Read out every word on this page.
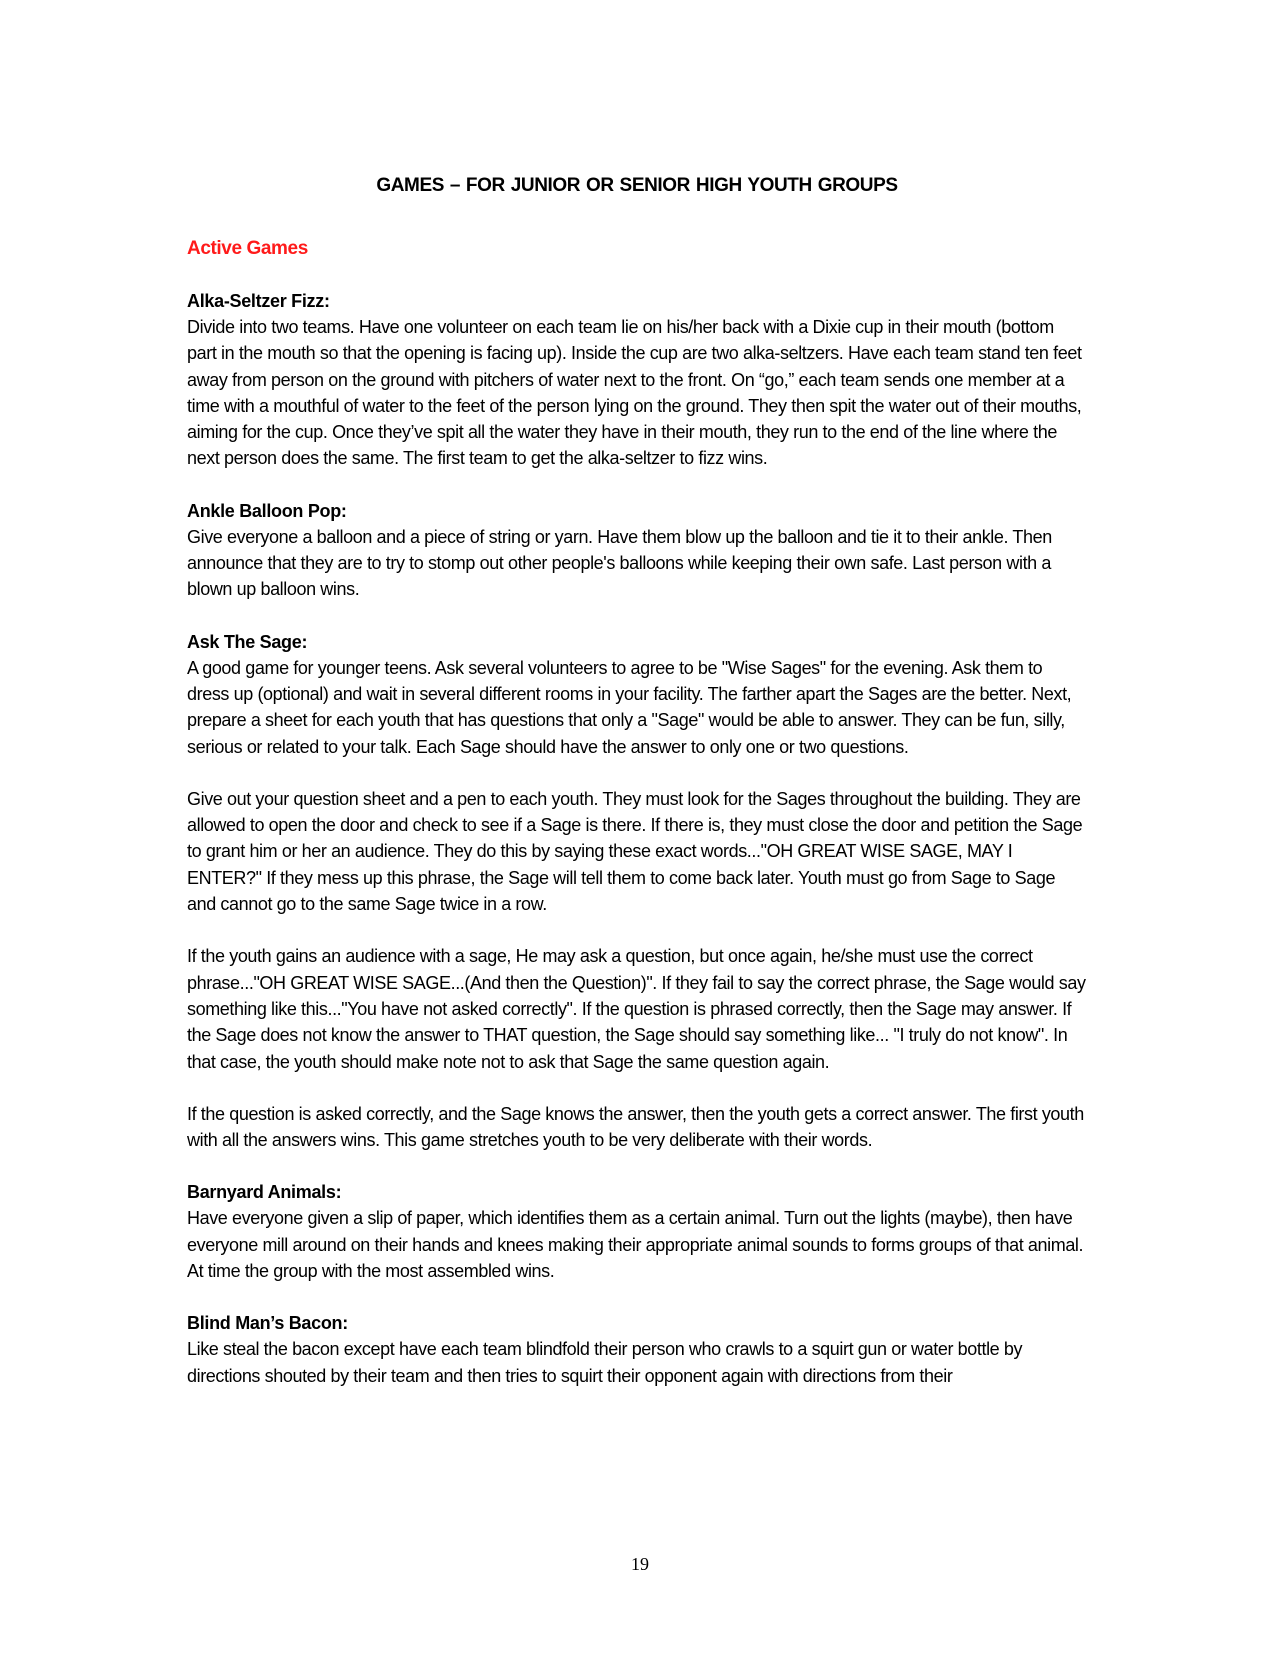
GAMES – FOR JUNIOR OR SENIOR HIGH YOUTH GROUPS
Active Games
Alka-Seltzer Fizz:
Divide into two teams. Have one volunteer on each team lie on his/her back with a Dixie cup in their mouth (bottom part in the mouth so that the opening is facing up). Inside the cup are two alka-seltzers. Have each team stand ten feet away from person on the ground with pitchers of water next to the front. On “go,” each team sends one member at a time with a mouthful of water to the feet of the person lying on the ground. They then spit the water out of their mouths, aiming for the cup. Once they’ve spit all the water they have in their mouth, they run to the end of the line where the next person does the same. The first team to get the alka-seltzer to fizz wins.
Ankle Balloon Pop:
Give everyone a balloon and a piece of string or yarn. Have them blow up the balloon and tie it to their ankle. Then announce that they are to try to stomp out other people's balloons while keeping their own safe. Last person with a blown up balloon wins.
Ask The Sage:
A good game for younger teens. Ask several volunteers to agree to be "Wise Sages" for the evening. Ask them to dress up (optional) and wait in several different rooms in your facility. The farther apart the Sages are the better. Next, prepare a sheet for each youth that has questions that only a "Sage" would be able to answer. They can be fun, silly, serious or related to your talk. Each Sage should have the answer to only one or two questions.
Give out your question sheet and a pen to each youth. They must look for the Sages throughout the building. They are allowed to open the door and check to see if a Sage is there. If there is, they must close the door and petition the Sage to grant him or her an audience. They do this by saying these exact words..."OH GREAT WISE SAGE, MAY I ENTER?" If they mess up this phrase, the Sage will tell them to come back later. Youth must go from Sage to Sage and cannot go to the same Sage twice in a row.
If the youth gains an audience with a sage, He may ask a question, but once again, he/she must use the correct phrase..."OH GREAT WISE SAGE...(And then the Question)". If they fail to say the correct phrase, the Sage would say something like this..."You have not asked correctly". If the question is phrased correctly, then the Sage may answer. If the Sage does not know the answer to THAT question, the Sage should say something like... "I truly do not know". In that case, the youth should make note not to ask that Sage the same question again.
If the question is asked correctly, and the Sage knows the answer, then the youth gets a correct answer. The first youth with all the answers wins. This game stretches youth to be very deliberate with their words.
Barnyard Animals:
Have everyone given a slip of paper, which identifies them as a certain animal. Turn out the lights (maybe), then have everyone mill around on their hands and knees making their appropriate animal sounds to forms groups of that animal. At time the group with the most assembled wins.
Blind Man’s Bacon:
Like steal the bacon except have each team blindfold their person who crawls to a squirt gun or water bottle by directions shouted by their team and then tries to squirt their opponent again with directions from their
19
